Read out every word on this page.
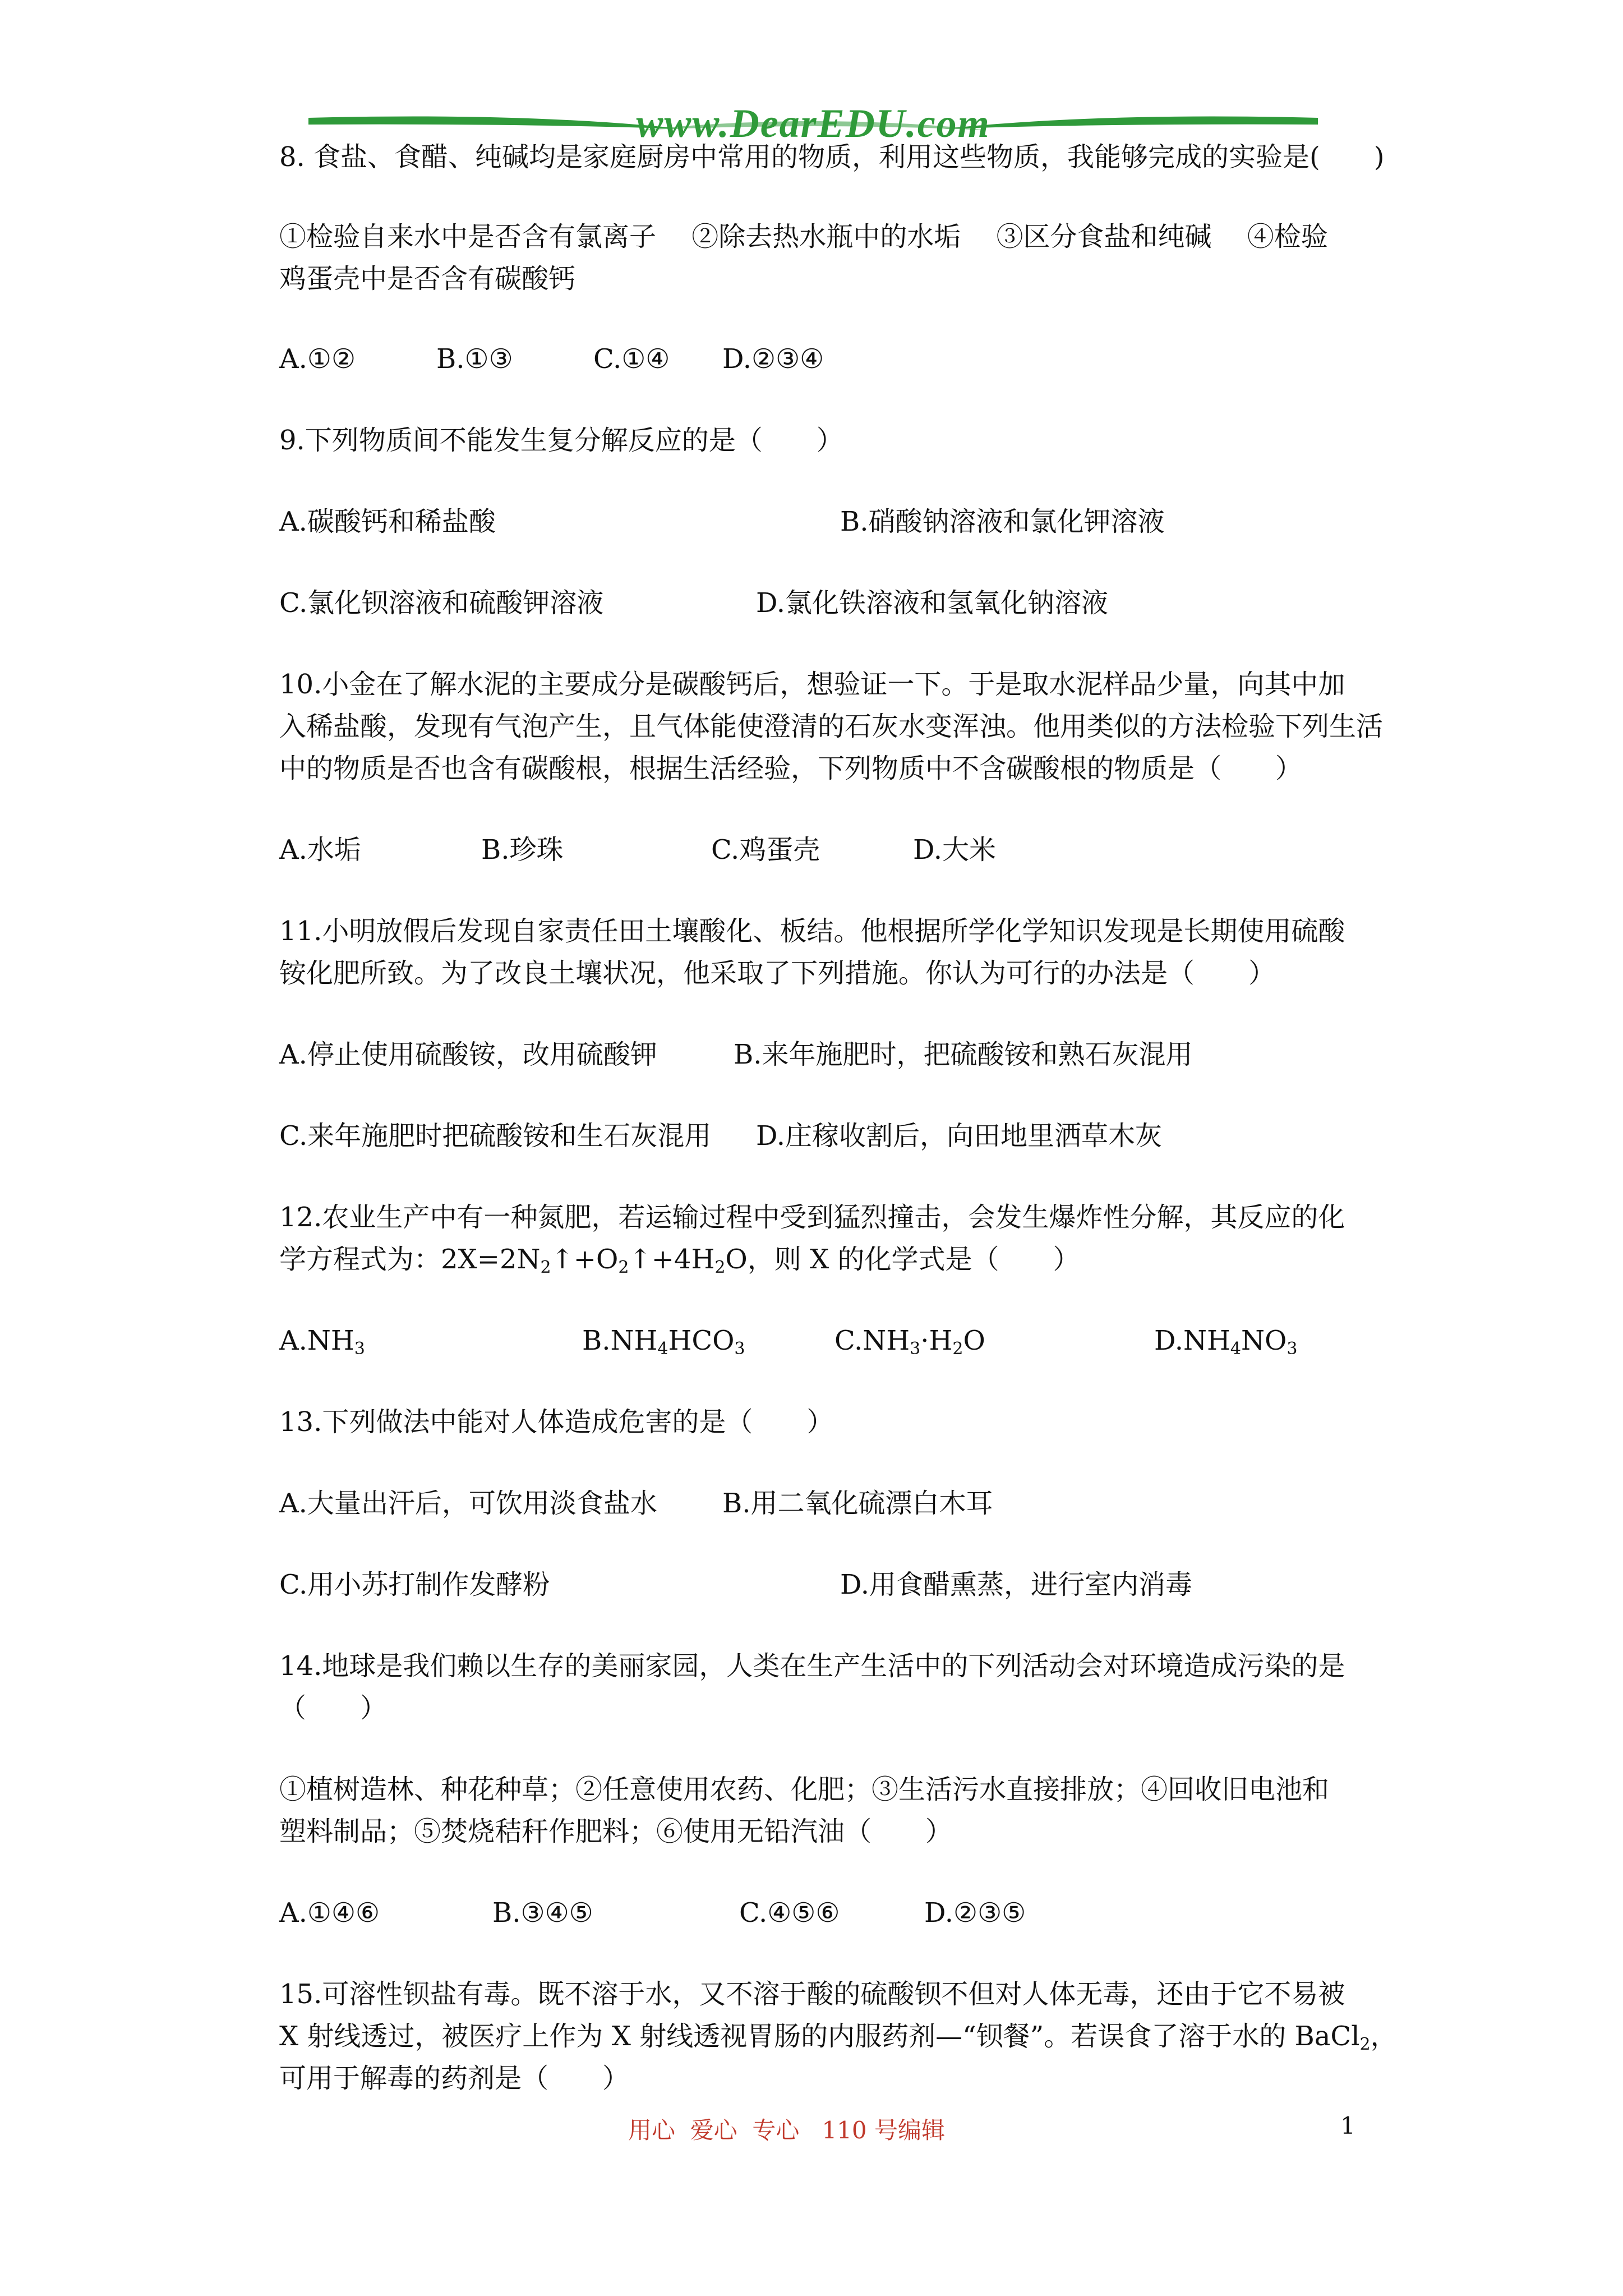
www.DearEDU.com
8. 食盐、食醋、纯碱均是家庭厨房中常用的物质，利用这些物质，我能够完成的实验是(　　)
①检验自来水中是否含有氯离子　 ②除去热水瓶中的水垢　 ③区分食盐和纯碱　 ④检验
鸡蛋壳中是否含有碳酸钙
A.①②	B.①③	C.①④ D.②③④
9.下列物质间不能发生复分解反应的是（　　）
A.碳酸钙和稀盐酸	B.硝酸钠溶液和氯化钾溶液
C.氯化钡溶液和硫酸钾溶液	D.氯化铁溶液和氢氧化钠溶液
10.小金在了解水泥的主要成分是碳酸钙后，想验证一下。于是取水泥样品少量，向其中加
入稀盐酸，发现有气泡产生，且气体能使澄清的石灰水变浑浊。他用类似的方法检验下列生活
中的物质是否也含有碳酸根，根据生活经验，下列物质中不含碳酸根的物质是（　　）
A.水垢	B.珍珠	C.鸡蛋壳	D.大米
11.小明放假后发现自家责任田土壤酸化、板结。他根据所学化学知识发现是长期使用硫酸
铵化肥所致。为了改良土壤状况，他采取了下列措施。你认为可行的办法是（　　）
A.停止使用硫酸铵，改用硫酸钾	B.来年施肥时，把硫酸铵和熟石灰混用
C.来年施肥时把硫酸铵和生石灰混用 D.庄稼收割后，向田地里洒草木灰
12.农业生产中有一种氮肥，若运输过程中受到猛烈撞击，会发生爆炸性分解，其反应的化
学方程式为：$2X=2N_2↑+O_2↑+4H_2O$，则 X 的化学式是（　　）
$A.NH_3$	$B.NH_4HCO_3$	$C.NH_3\cdot H_2O$	$D.NH_4NO_3$
13.下列做法中能对人体造成危害的是（　　）
A.大量出汗后，可饮用淡食盐水 B.用二氧化硫漂白木耳
C.用小苏打制作发酵粉	D.用食醋熏蒸，进行室内消毒
14.地球是我们赖以生存的美丽家园，人类在生产生活中的下列活动会对环境造成污染的是
（　　）
①植树造林、种花种草；②任意使用农药、化肥；③生活污水直接排放；④回收旧电池和
塑料制品；⑤焚烧秸秆作肥料；⑥使用无铅汽油（　　）
A.①④⑥	B.③④⑤	C.④⑤⑥	D.②③⑤
15.可溶性钡盐有毒。既不溶于水，又不溶于酸的硫酸钡不但对人体无毒，还由于它不易被
X 射线透过，被医疗上作为 X 射线透视胃肠的内服药剂—“钡餐”。若误食了溶于水的 BaCl$_2$，
可用于解毒的药剂是（　　）
用心  爱心  专心   110 号编辑	1
